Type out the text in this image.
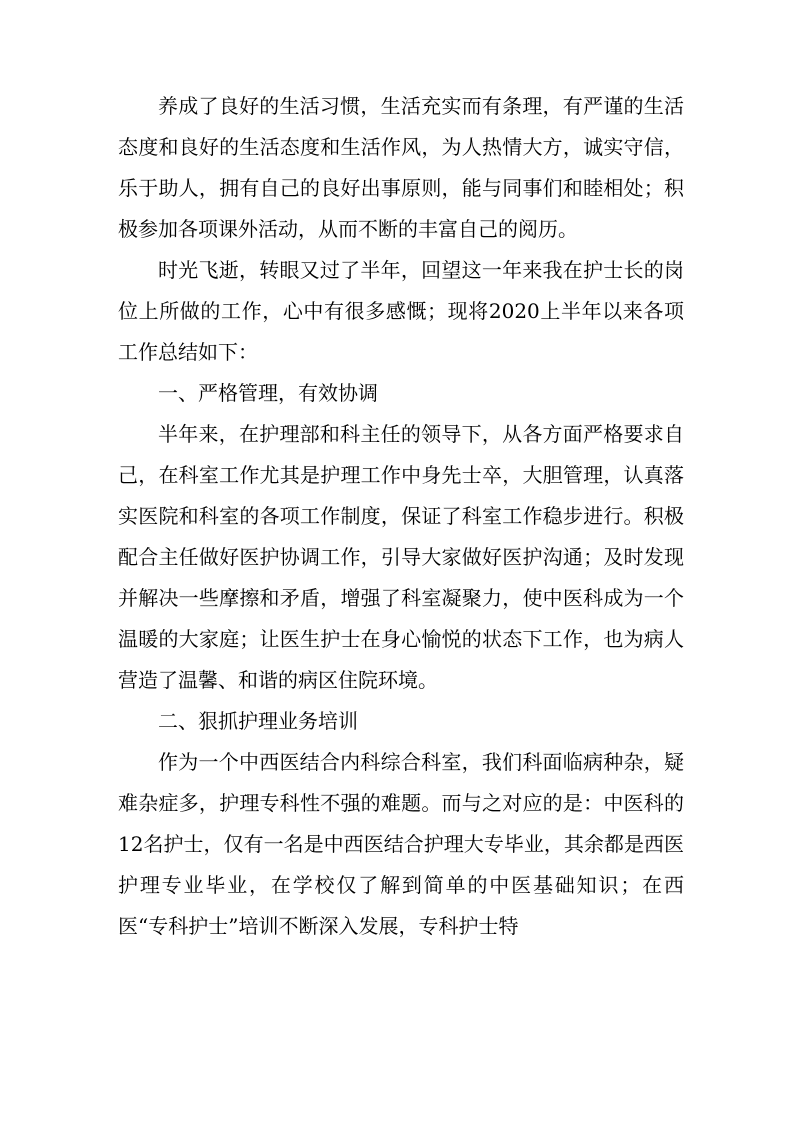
养成了良好的生活习惯，生活充实而有条理，有严谨的生活态度和良好的生活态度和生活作风，为人热情大方，诚实守信，乐于助人，拥有自己的良好出事原则，能与同事们和睦相处；积极参加各项课外活动，从而不断的丰富自己的阅历。

时光飞逝，转眼又过了半年，回望这一年来我在护士长的岗位上所做的工作，心中有很多感慨；现将2020上半年以来各项工作总结如下：

一、严格管理，有效协调

半年来，在护理部和科主任的领导下，从各方面严格要求自己，在科室工作尤其是护理工作中身先士卒，大胆管理，认真落实医院和科室的各项工作制度，保证了科室工作稳步进行。积极配合主任做好医护协调工作，引导大家做好医护沟通；及时发现并解决一些摩擦和矛盾，增强了科室凝聚力，使中医科成为一个温暖的大家庭；让医生护士在身心愉悦的状态下工作，也为病人营造了温馨、和谐的病区住院环境。

二、狠抓护理业务培训

作为一个中西医结合内科综合科室，我们科面临病种杂，疑难杂症多，护理专科性不强的难题。而与之对应的是：中医科的12名护士，仅有一名是中西医结合护理大专毕业，其余都是西医护理专业毕业，在学校仅了解到简单的中医基础知识；在西医“专科护士”培训不断深入发展，专科护士特
